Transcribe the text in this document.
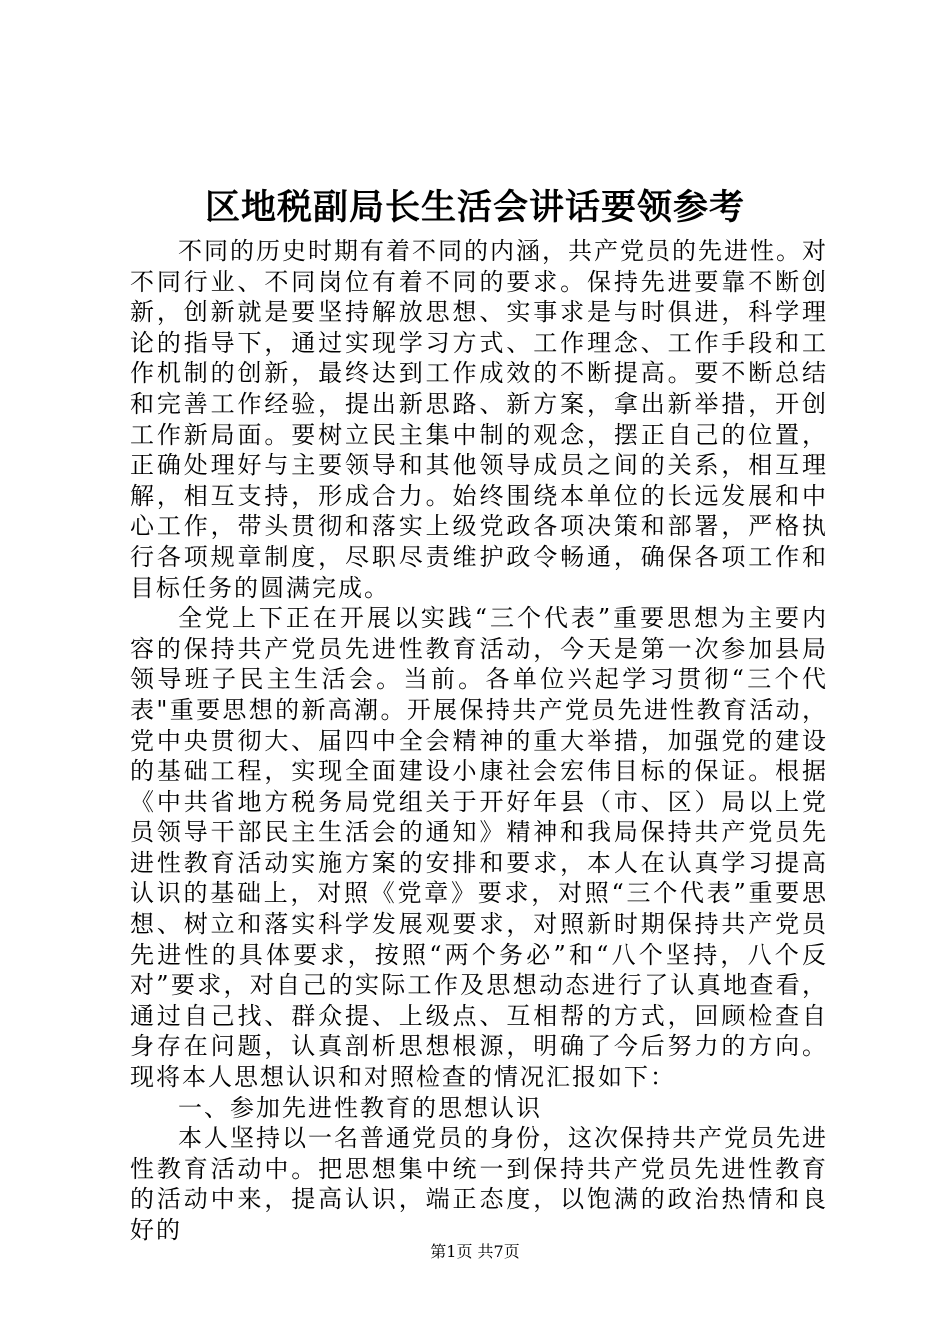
区地税副局长生活会讲话要领参考

不同的历史时期有着不同的内涵，共产党员的先进性。对不同行业、不同岗位有着不同的要求。保持先进要靠不断创新，创新就是要坚持解放思想、实事求是与时俱进，科学理论的指导下，通过实现学习方式、工作理念、工作手段和工作机制的创新，最终达到工作成效的不断提高。要不断总结和完善工作经验，提出新思路、新方案，拿出新举措，开创工作新局面。要树立民主集中制的观念，摆正自己的位置，正确处理好与主要领导和其他领导成员之间的关系，相互理解，相互支持，形成合力。始终围绕本单位的长远发展和中心工作，带头贯彻和落实上级党政各项决策和部署，严格执行各项规章制度，尽职尽责维护政令畅通，确保各项工作和目标任务的圆满完成。

全党上下正在开展以实践“三个代表”重要思想为主要内容的保持共产党员先进性教育活动，今天是第一次参加县局领导班子民主生活会。当前。各单位兴起学习贯彻“三个代表"重要思想的新高潮。开展保持共产党员先进性教育活动，党中央贯彻大、届四中全会精神的重大举措，加强党的建设的基础工程，实现全面建设小康社会宏伟目标的保证。根据《中共省地方税务局党组关于开好年县（市、区）局以上党员领导干部民主生活会的通知》精神和我局保持共产党员先进性教育活动实施方案的安排和要求，本人在认真学习提高认识的基础上，对照《党章》要求，对照“三个代表”重要思想、树立和落实科学发展观要求，对照新时期保持共产党员先进性的具体要求，按照“两个务必”和“八个坚持，八个反对”要求，对自己的实际工作及思想动态进行了认真地查看，通过自己找、群众提、上级点、互相帮的方式，回顾检查自身存在问题，认真剖析思想根源，明确了今后努力的方向。现将本人思想认识和对照检查的情况汇报如下：

一、参加先进性教育的思想认识

本人坚持以一名普通党员的身份，这次保持共产党员先进性教育活动中。把思想集中统一到保持共产党员先进性教育的活动中来，提高认识，端正态度，以饱满的政治热情和良好的

第1页 共7页
